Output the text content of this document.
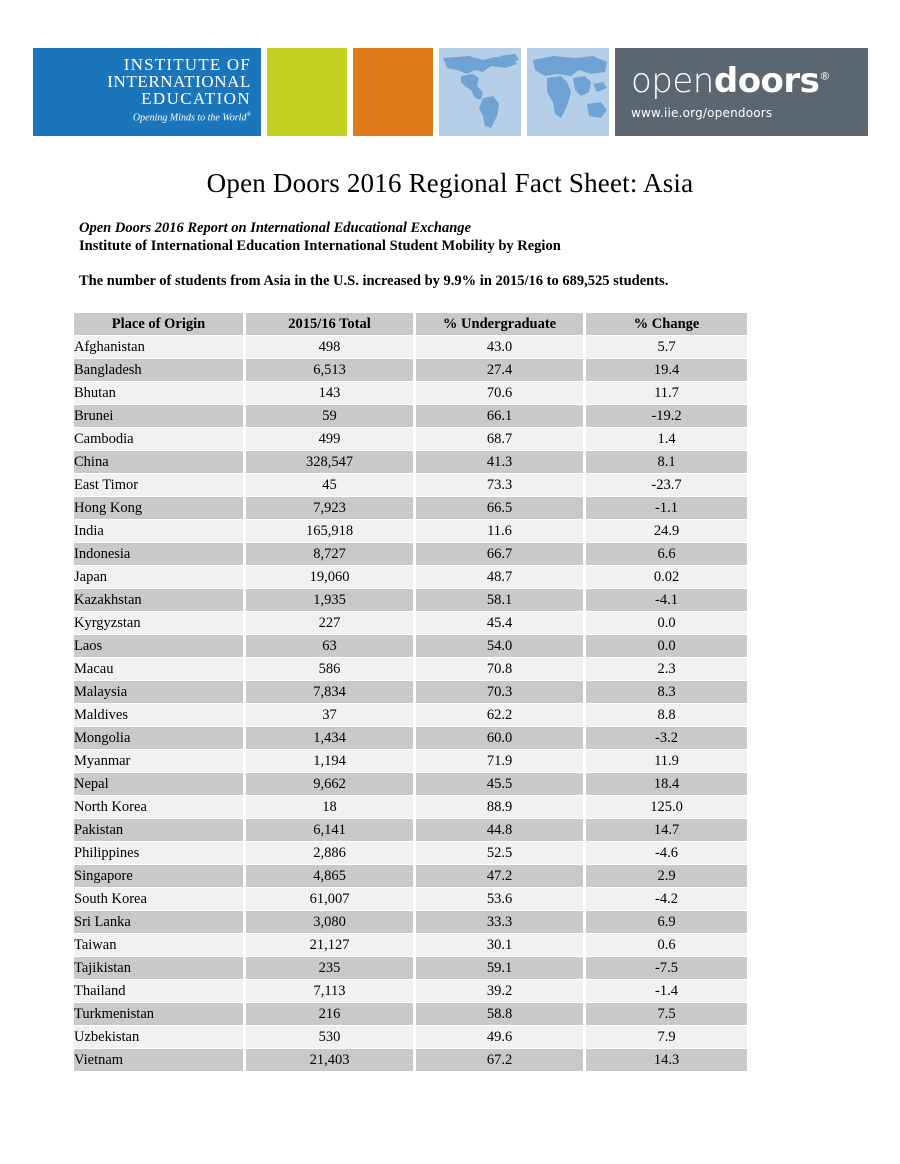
INSTITUTE OF
INTERNATIONAL
EDUCATION
Opening Minds to the World®
opendoors®
www.iie.org/opendoors
Open Doors 2016 Regional Fact Sheet: Asia
Open Doors 2016 Report on International Educational Exchange
Institute of International Education International Student Mobility by Region
The number of students from Asia in the U.S. increased by 9.9% in 2015/16 to 689,525 students.
Place of Origin	2015/16 Total	% Undergraduate	% Change
Afghanistan	498	43.0	5.7
Bangladesh	6,513	27.4	19.4
Bhutan	143	70.6	11.7
Brunei	59	66.1	-19.2
Cambodia	499	68.7	1.4
China	328,547	41.3	8.1
East Timor	45	73.3	-23.7
Hong Kong	7,923	66.5	-1.1
India	165,918	11.6	24.9
Indonesia	8,727	66.7	6.6
Japan	19,060	48.7	0.02
Kazakhstan	1,935	58.1	-4.1
Kyrgyzstan	227	45.4	0.0
Laos	63	54.0	0.0
Macau	586	70.8	2.3
Malaysia	7,834	70.3	8.3
Maldives	37	62.2	8.8
Mongolia	1,434	60.0	-3.2
Myanmar	1,194	71.9	11.9
Nepal	9,662	45.5	18.4
North Korea	18	88.9	125.0
Pakistan	6,141	44.8	14.7
Philippines	2,886	52.5	-4.6
Singapore	4,865	47.2	2.9
South Korea	61,007	53.6	-4.2
Sri Lanka	3,080	33.3	6.9
Taiwan	21,127	30.1	0.6
Tajikistan	235	59.1	-7.5
Thailand	7,113	39.2	-1.4
Turkmenistan	216	58.8	7.5
Uzbekistan	530	49.6	7.9
Vietnam	21,403	67.2	14.3
